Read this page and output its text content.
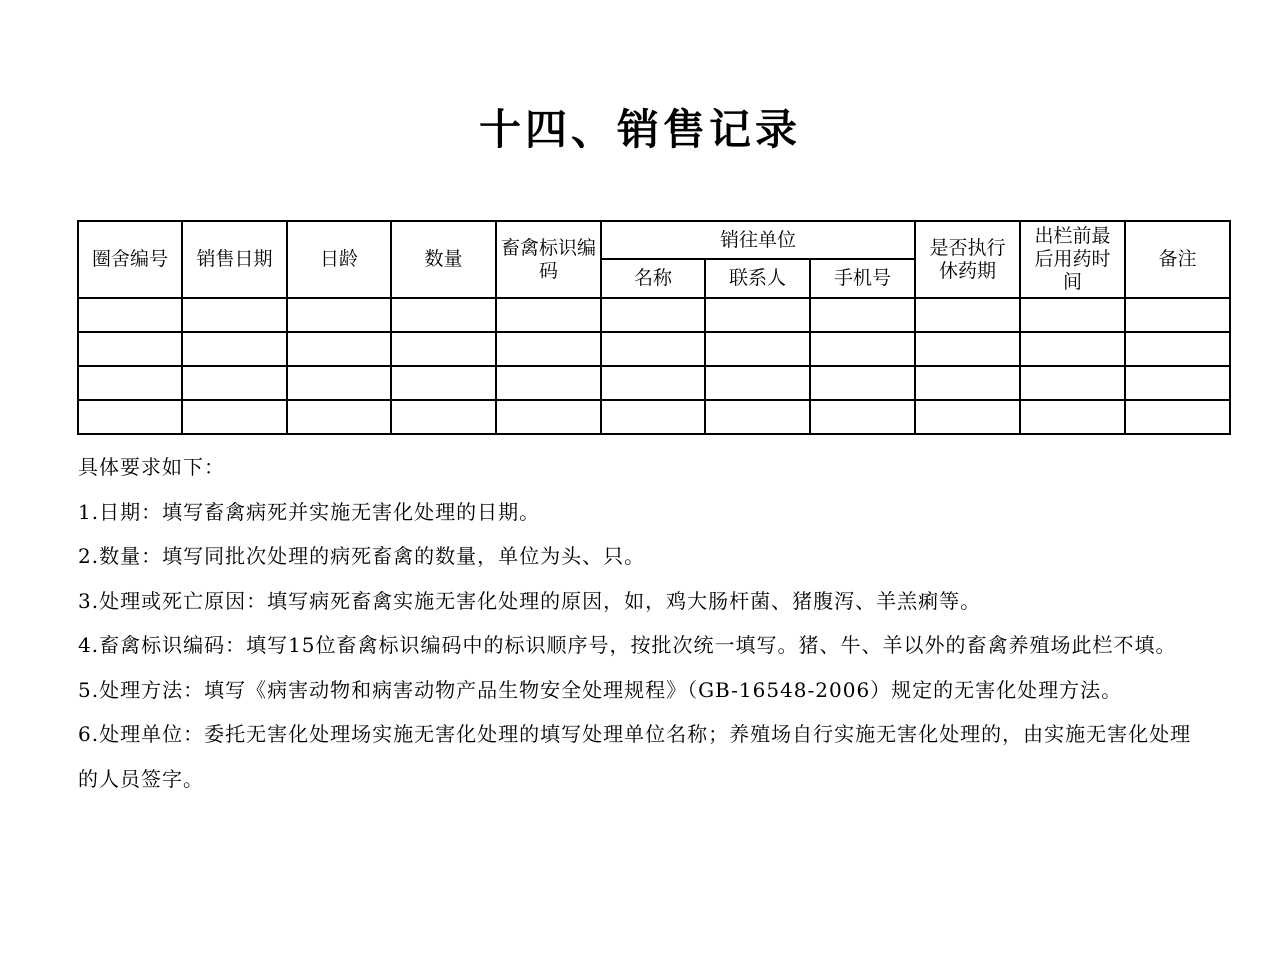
十四、销售记录
圈舍编号	销售日期	日龄	数量	畜禽标识编码	销往单位			是否执行休药期	出栏前最后用药时间	备注
					名称	联系人	手机号			

具体要求如下：

1.日期：填写畜禽病死并实施无害化处理的日期。

2.数量：填写同批次处理的病死畜禽的数量，单位为头、只。

3.处理或死亡原因：填写病死畜禽实施无害化处理的原因，如，鸡大肠杆菌、猪腹泻、羊羔痢等。

4.畜禽标识编码：填写15位畜禽标识编码中的标识顺序号，按批次统一填写。猪、牛、羊以外的畜禽养殖场此栏不填。

5.处理方法：填写《病害动物和病害动物产品生物安全处理规程》（GB-16548-2006）规定的无害化处理方法。

6.处理单位：委托无害化处理场实施无害化处理的填写处理单位名称；养殖场自行实施无害化处理的，由实施无害化处理的人员签字。
